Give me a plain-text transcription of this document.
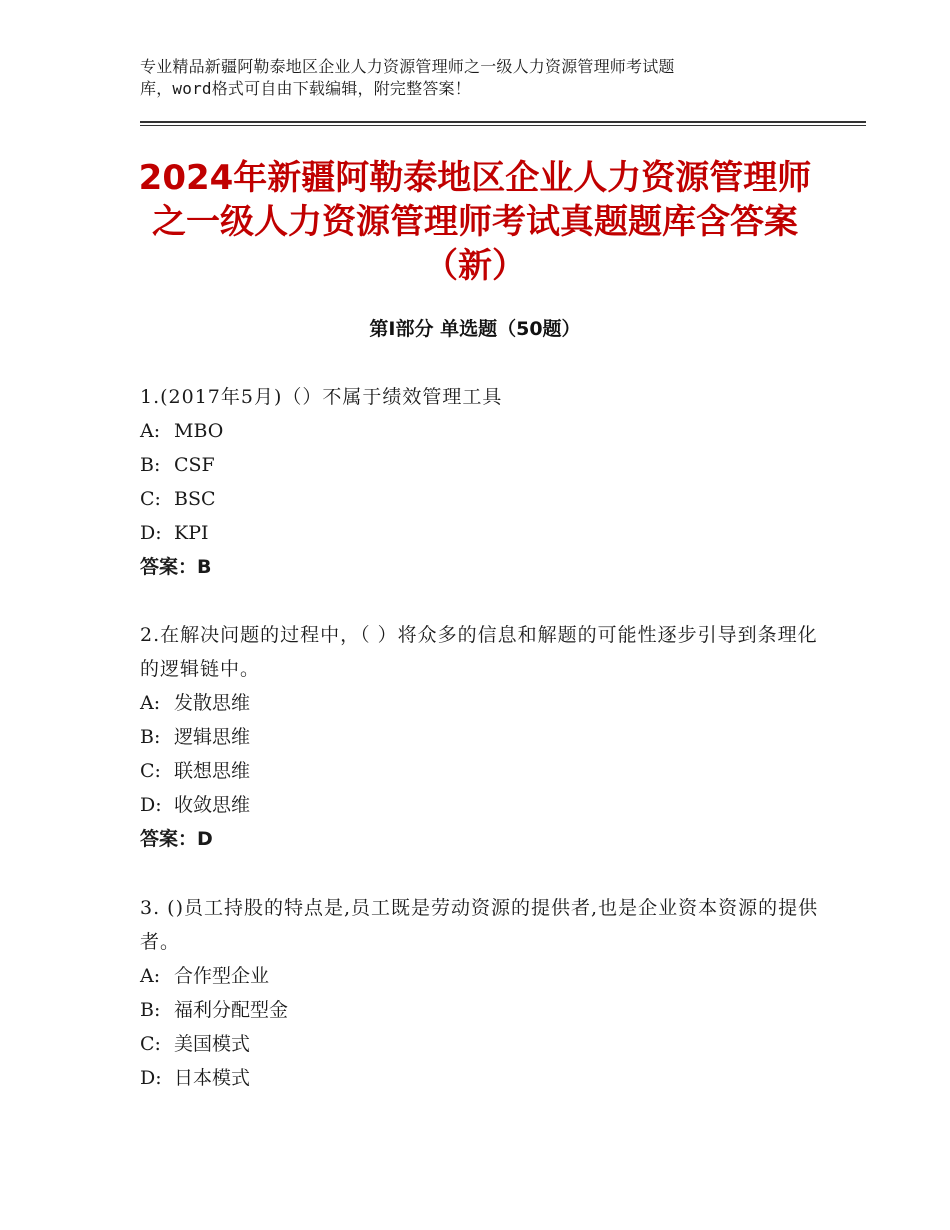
专业精品新疆阿勒泰地区企业人力资源管理师之一级人力资源管理师考试题
库，word格式可自由下载编辑，附完整答案！
2024年新疆阿勒泰地区企业人力资源管理师
之一级人力资源管理师考试真题题库含答案
（新）
第Ⅰ部分 单选题（50题）
1.(2017年5月)（）不属于绩效管理工具
A: MBO
B: CSF
C: BSC
D: KPI
答案：B
2.在解决问题的过程中，（ ）将众多的信息和解题的可能性逐步引导到条理化的逻辑链中。
A: 发散思维
B: 逻辑思维
C: 联想思维
D: 收敛思维
答案：D
3. ()员工持股的特点是,员工既是劳动资源的提供者,也是企业资本资源的提供者。
A: 合作型企业
B: 福利分配型金
C: 美国模式
D: 日本模式
